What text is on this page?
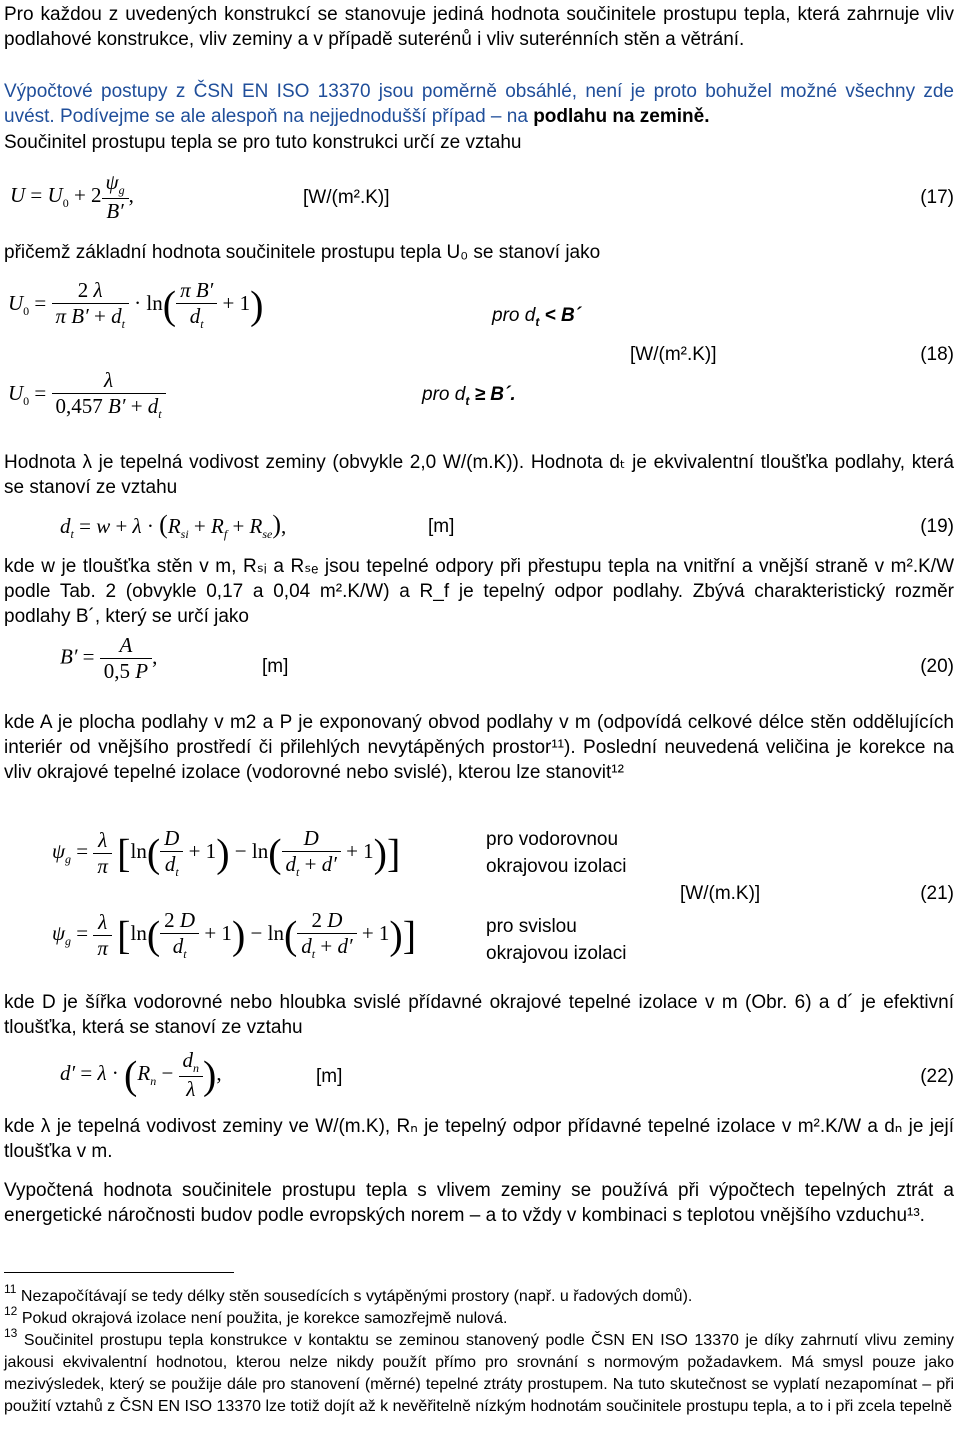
Pro každou z uvedených konstrukcí se stanovuje jediná hodnota součinitele prostupu tepla, která zahrnuje vliv podlahové konstrukce, vliv zeminy a v případě suterénů i vliv suterénních stěn a větrání.

Výpočtové postupy z ČSN EN ISO 13370 jsou poměrně obsáhlé, není je proto bohužel možné všechny zde uvést. Podívejme se ale alespoň na nejjednodušší případ – na podlahu na zemině.

Součinitel prostupu tepla se pro tuto konstrukci určí ze vztahu

$U = U_0 + 2 \frac{\psi_g}{B'}$ ,	[W/(m².K)]	(17)

přičemž základní hodnota součinitele prostupu tepla U₀ se stanoví jako

$U_0 = \frac{2 \lambda}{\pi B' + d_t} \cdot \ln( \frac{\text{π B′}}{d_t} + 1)$	pro $d_t$ < B´
$U_0 = \frac{\lambda}{0,457 B' + d_t}$	pro $d_t$ ≥ B´.
[W/(m².K)]	(18)

Hodnota λ je tepelná vodivost zeminy (obvykle 2,0 W/(m.K)). Hodnota dₜ je ekvivalentní tloušťka podlahy, která se stanoví ze vztahu

$d_t = w + \lambda \cdot (R_{si} + R_f + R_{se})$,	[m]	(19)

kde w je tloušťka stěn v m, Rₛᵢ a Rₛₑ jsou tepelné odpory při přestupu tepla na vnitřní a vnější straně v m².K/W podle Tab. 2 (obvykle 0,17 a 0,04 m².K/W) a R_f je tepelný odpor podlahy. Zbývá charakteristický rozměr podlahy B´, který se určí jako

$B' = \frac{A}{0,5 P}$ ,	[m]	(20)

kde A je plocha podlahy v m2 a P je exponovaný obvod podlahy v m (odpovídá celkové délce stěn oddělujících interiér od vnějšího prostředí či přilehlých nevytápěných prostor¹¹). Poslední neuvedená veličina je korekce na vliv okrajové tepelné izolace (vodorovné nebo svislé), kterou lze stanovit¹²

$\psi_g = \frac{\lambda}{\pi} [\ln( \frac{D}{d_t} + 1) - \ln( \frac{D}{d_t + d'} + 1)]$	pro vodorovnou
okrajovou izolaci
$\psi_g = \frac{\lambda}{\pi} [\ln( \frac{2 D}{d_t} + 1) - \ln( \frac{2 D}{d_t + d'} + 1)]$	pro svislou
okrajovou izolaci
[W/(m.K)]	(21)

kde D je šířka vodorovné nebo hloubka svislé přídavné okrajové tepelné izolace v m (Obr. 6) a d´ je efektivní tloušťka, která se stanoví ze vztahu

$d' = \lambda \cdot (R_n - \frac{d_n}{\lambda}$ ),	[m]	(22)

kde λ je tepelná vodivost zeminy ve W/(m.K), Rₙ je tepelný odpor přídavné tepelné izolace v m².K/W a dₙ je její tloušťka v m.

Vypočtená hodnota součinitele prostupu tepla s vlivem zeminy se používá při výpočtech tepelných ztrát a energetické náročnosti budov podle evropských norem – a to vždy v kombinaci s teplotou vnějšího vzduchu¹³.

$^{11}$ Nezapočítávají se tedy délky stěn sousedících s vytápěnými prostory (např. u řadových domů).

$^{12}$ Pokud okrajová izolace není použita, je korekce samozřejmě nulová.

$^{13}$ Součinitel prostupu tepla konstrukce v kontaktu se zeminou stanovený podle ČSN EN ISO 13370 je díky zahrnutí vlivu zeminy jakousi ekvivalentní hodnotou, kterou nelze nikdy použít přímo pro srovnání s normovým požadavkem. Má smysl pouze jako mezivýsledek, který se použije dále pro stanovení (měrné) tepelné ztráty prostupem. Na tuto skutečnost se vyplatí nezapomínat – při použití vztahů z ČSN EN ISO 13370 lze totiž dojít až k nevěřitelně nízkým hodnotám součinitele prostupu tepla, a to i při zcela tepelně
